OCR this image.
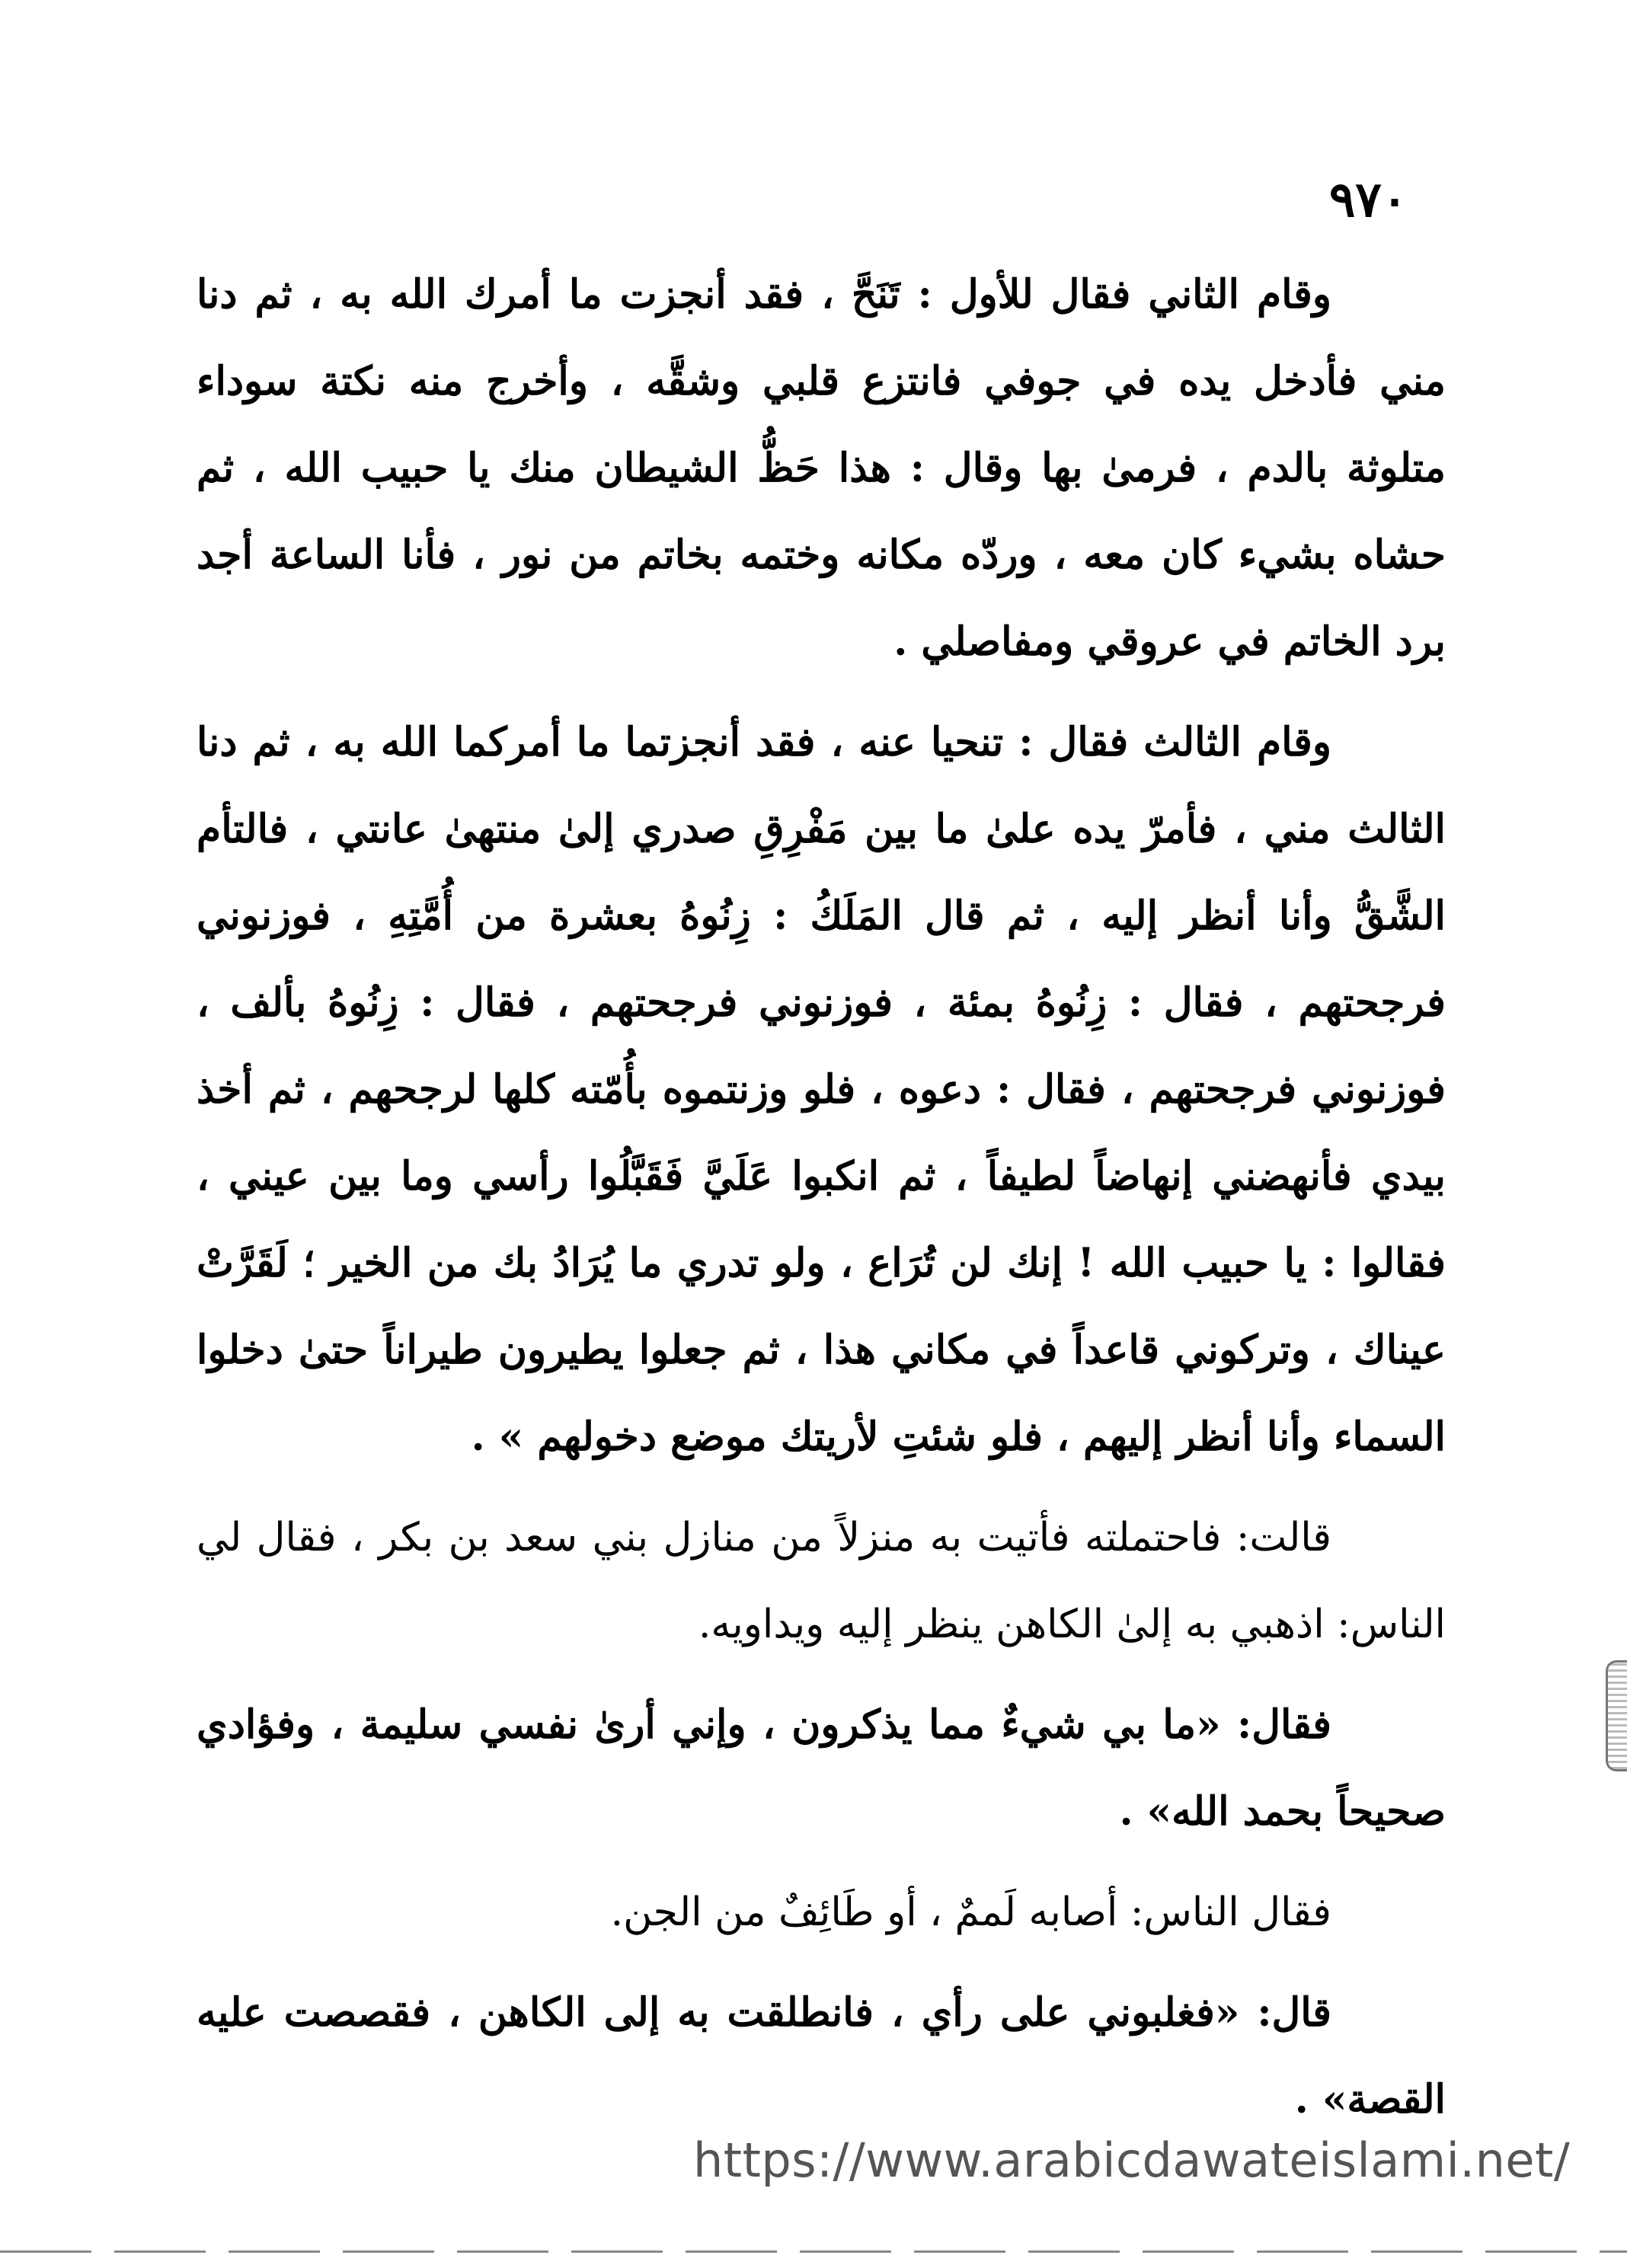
٩٧٠

وقام الثاني فقال للأول : تَنَحَّ ، فقد أنجزت ما أمرك الله به ، ثم دنا مني فأدخل يده في جوفي فانتزع قلبي وشقَّه ، وأخرج منه نكتة سوداء متلوثة بالدم ، فرمىٰ بها وقال : هذا حَظُّ الشيطان منك يا حبيب الله ، ثم حشاه بشيء كان معه ، وردّه مكانه وختمه بخاتم من نور ، فأنا الساعة أجد برد الخاتم في عروقي ومفاصلي .

وقام الثالث فقال : تنحيا عنه ، فقد أنجزتما ما أمركما الله به ، ثم دنا الثالث مني ، فأمرّ يده علىٰ ما بين مَفْرِقِ صدري إلىٰ منتهىٰ عانتي ، فالتأم الشَّقُّ وأنا أنظر إليه ، ثم قال المَلَكُ : زِنُوهُ بعشرة من أُمَّتِهِ ، فوزنوني فرجحتهم ، فقال : زِنُوهُ بمئة ، فوزنوني فرجحتهم ، فقال : زِنُوهُ بألف ، فوزنوني فرجحتهم ، فقال : دعوه ، فلو وزنتموه بأُمّته كلها لرجحهم ، ثم أخذ بيدي فأنهضني إنهاضاً لطيفاً ، ثم انكبوا عَلَيَّ فَقَبَّلُوا رأسي وما بين عيني ، فقالوا : يا حبيب الله ! إنك لن تُرَاع ، ولو تدري ما يُرَادُ بك من الخير ؛ لَقَرَّتْ عيناك ، وتركوني قاعداً في مكاني هذا ، ثم جعلوا يطيرون طيراناً حتىٰ دخلوا السماء وأنا أنظر إليهم ، فلو شئتِ لأريتك موضع دخولهم » .

قالت: فاحتملته فأتيت به منزلاً من منازل بني سعد بن بكر ، فقال لي الناس: اذهبي به إلىٰ الكاهن ينظر إليه ويداويه.

فقال: «ما بي شيءٌ مما يذكرون ، وإني أرىٰ نفسي سليمة ، وفؤادي صحيحاً بحمد الله» .

فقال الناس: أصابه لَممٌ ، أو طَائِفٌ من الجن.

قال: «فغلبوني على رأي ، فانطلقت به إلى الكاهن ، فقصصت عليه القصة» .

https://www.arabicdawateislami.net/
